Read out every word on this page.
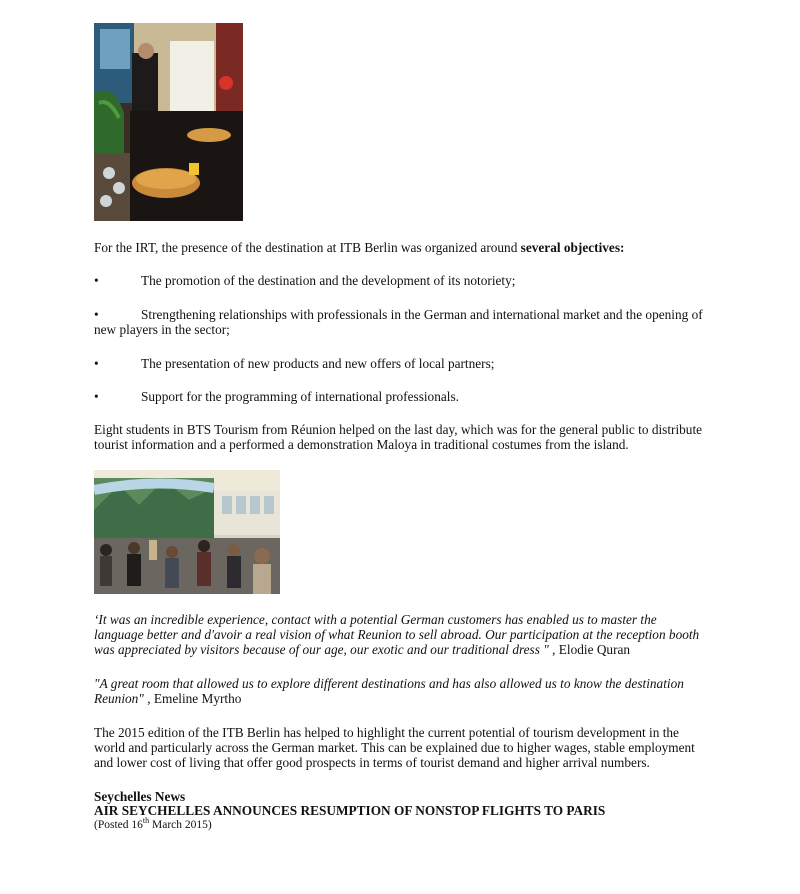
For the IRT, the presence of the destination at ITB Berlin was organized around several objectives:
•	The promotion of the destination and the development of its notoriety;
•	Strengthening relationships with professionals in the German and international market and the opening of new players in the sector;
•	The presentation of new products and new offers of local partners;
•	Support for the programming of international professionals.
Eight students in BTS Tourism from Réunion helped on the last day, which was for the general public to distribute tourist information and a performed a demonstration Maloya in traditional costumes from the island.
‘It was an incredible experience, contact with a potential German customers has enabled us to master the language better and d'avoir a real vision of what Reunion to sell abroad. Our participation at the reception booth was appreciated by visitors because of our age, our exotic and our traditional dress " , Elodie Quran
"A great room that allowed us to explore different destinations and has also allowed us to know the destination Reunion" , Emeline Myrtho
The 2015 edition of the ITB Berlin has helped to highlight the current potential of tourism development in the world and particularly across the German market. This can be explained due to higher wages, stable employment and lower cost of living that offer good prospects in terms of tourist demand and higher arrival numbers.
Seychelles News
AIR SEYCHELLES ANNOUNCES RESUMPTION OF NONSTOP FLIGHTS TO PARIS
(Posted 16th March 2015)
